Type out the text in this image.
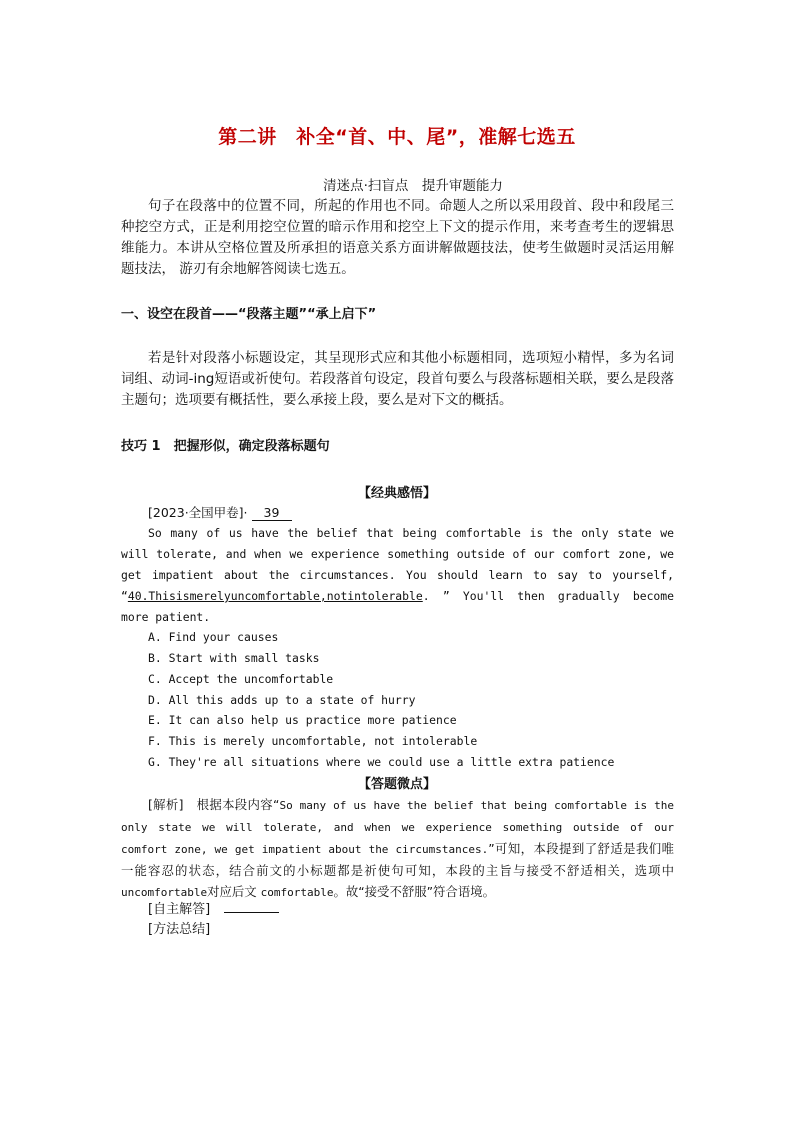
第二讲　补全“首、中、尾”，准解七选五
清迷点·扫盲点　提升审题能力
句子在段落中的位置不同，所起的作用也不同。命题人之所以采用段首、段中和段尾三种挖空方式，正是利用挖空位置的暗示作用和挖空上下文的提示作用，来考查考生的逻辑思维能力。本讲从空格位置及所承担的语意关系方面讲解做题技法，使考生做题时灵活运用解题技法， 游刃有余地解答阅读七选五。
一、设空在段首——“段落主题”“承上启下”
若是针对段落小标题设定，其呈现形式应和其他小标题相同，选项短小精悍，多为名词词组、动词-ing短语或祈使句。若段落首句设定，段首句要么与段落标题相关联，要么是段落主题句；选项要有概括性，要么承接上段，要么是对下文的概括。
技巧 1　把握形似，确定段落标题句
【经典感悟】
[2023·全国甲卷]· 39
So many of us have the belief that being comfortable is the only state we will tolerate, and when we experience something outside of our comfort zone, we get impatient about the circumstances. You should learn to say to yourself, “40.Thisismerelyuncomfortable,notintolerable. ” You'll then gradually become more patient.
A. Find your causes
B. Start with small tasks
C. Accept the uncomfortable
D. All this adds up to a state of hurry
E. It can also help us practice more patience
F. This is merely uncomfortable, not intolerable
G. They're all situations where we could use a little extra patience
【答题微点】
[解析]　 根据本段内容“So many of us have the belief that being comfortable is the only state we will tolerate, and when we experience something outside of our comfort zone, we get impatient about the circumstances.”可知，本段提到了舒适是我们唯一能容忍的状态，结合前文的小标题都是祈使句可知，本段的主旨与接受不舒适相关，选项中uncomfortable对应后文 comfortable。故“接受不舒服”符合语境。
[自主解答]
[方法总结]
